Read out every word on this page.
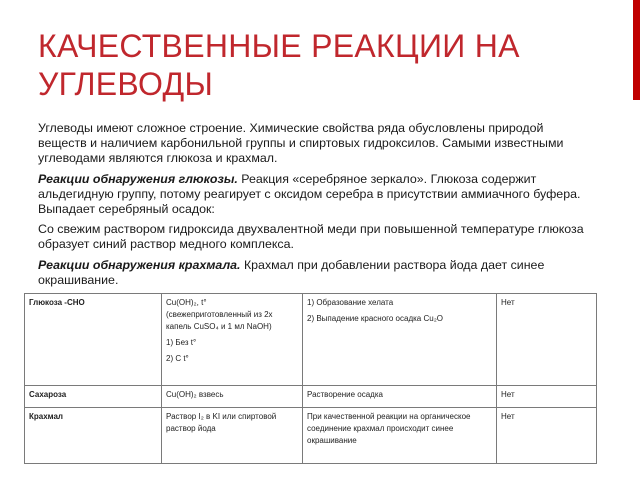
КАЧЕСТВЕННЫЕ РЕАКЦИИ НА УГЛЕВОДЫ

Углеводы имеют сложное строение. Химические свойства ряда обусловлены природой веществ и наличием карбонильной группы и спиртовых гидроксилов. Самыми известными углеводами являются глюкоза и крахмал.

Реакции обнаружения глюкозы. Реакция «серебряное зеркало». Глюкоза содержит альдегидную группу, потому реагирует с оксидом серебра в присутствии аммиачного буфера. Выпадает серебряный осадок:

Со свежим раствором гидроксида двухвалентной меди при повышенной температуре глюкоза образует синий раствор медного комплекса.

Реакции обнаружения крахмала. Крахмал при добавлении раствора йода дает синее окрашивание.

Глюкоза -СНО	Cu(OH)₂, t°
(свежеприготовленный из 2х капель CuSO₄ и 1 мл NaOH)
1) Без t°

2) С t°	1) Образование хелата

2) Выпадение красного осадка Cu₂O	Нет
Сахароза	Cu(OH)₂ взвесь	Растворение осадка	Нет
Крахмал	Раствор I₂ в KI или спиртовой раствор йода	При качественной реакции на органическое соединение крахмал происходит синее окрашивание	Нет
